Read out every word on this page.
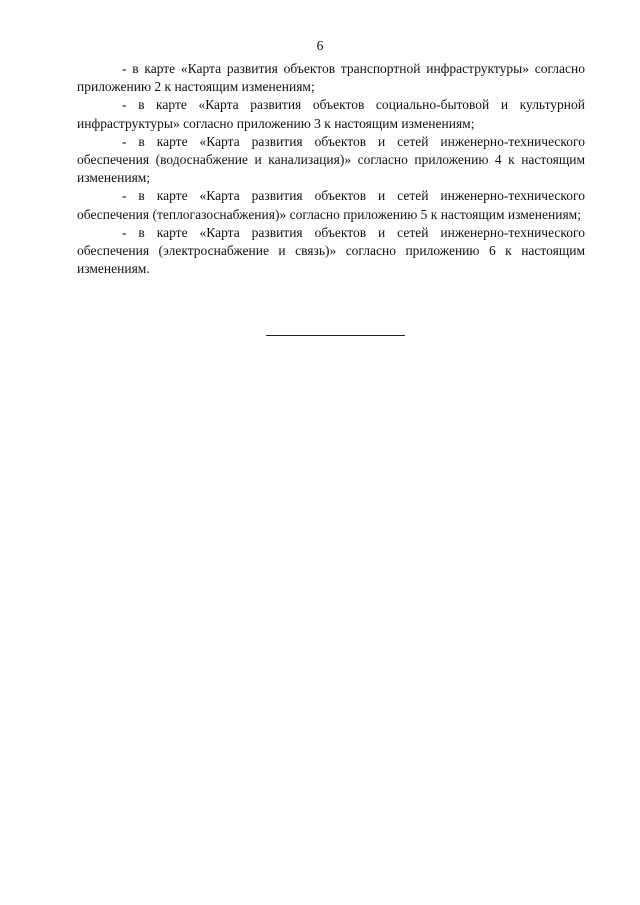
6

- в карте «Карта развития объектов транспортной инфраструктуры» согласно приложению 2 к настоящим изменениям;

- в карте «Карта развития объектов социально-бытовой и культурной инфраструктуры» согласно приложению 3 к настоящим изменениям;

- в карте «Карта развития объектов и сетей инженерно-технического обеспечения (водоснабжение и канализация)» согласно приложению 4 к настоящим изменениям;

- в карте «Карта развития объектов и сетей инженерно-технического обеспечения (теплогазоснабжения)» согласно приложению 5 к настоящим изменениям;

- в карте «Карта развития объектов и сетей инженерно-технического обеспечения (электроснабжение и связь)» согласно приложению 6 к настоящим изменениям.
